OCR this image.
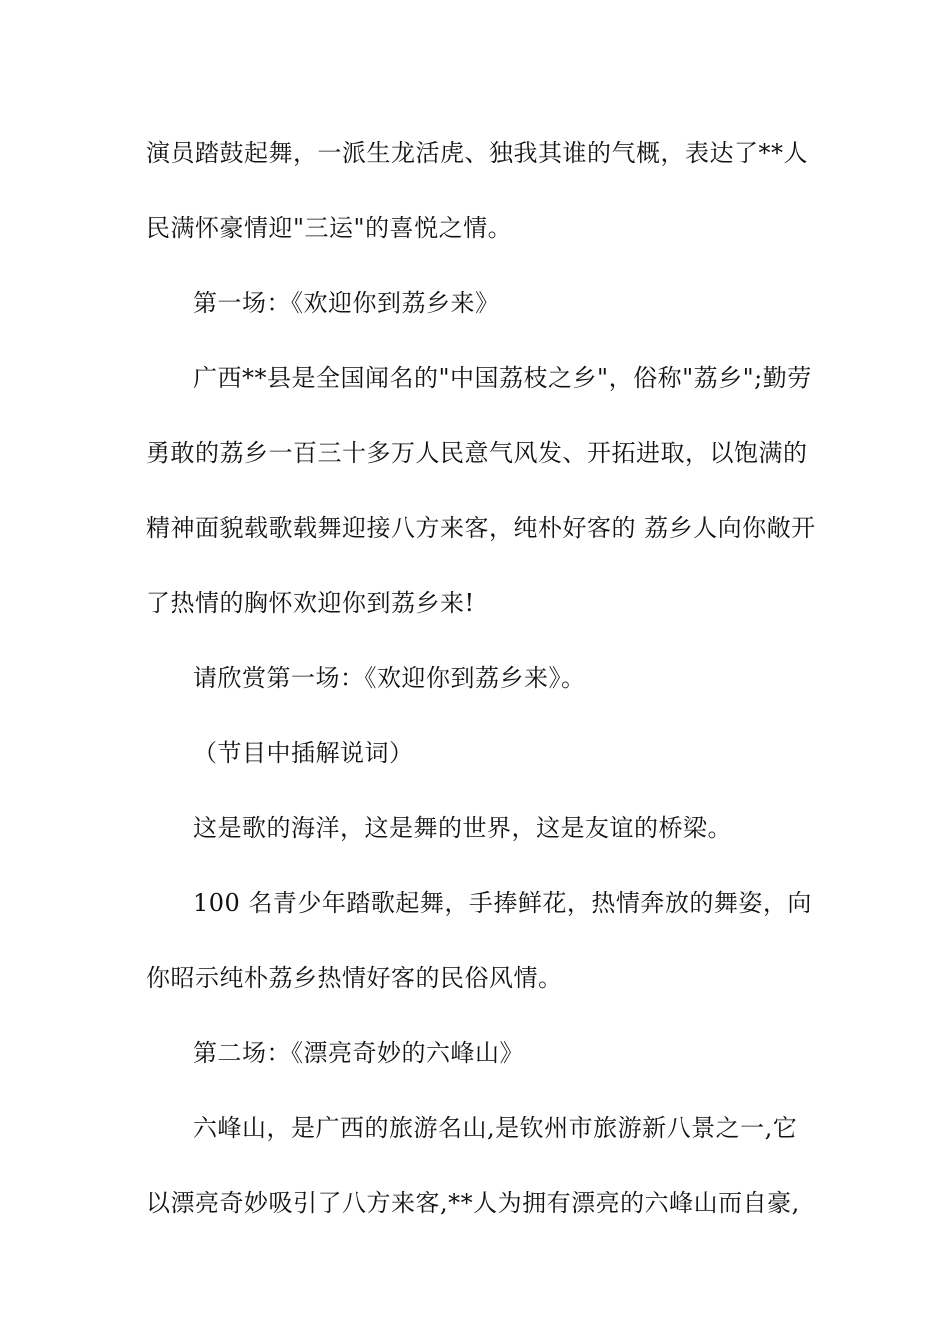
演员踏鼓起舞，一派生龙活虎、独我其谁的气概，表达了**人
民满怀豪情迎"三运"的喜悦之情。
第一场：《欢迎你到荔乡来》
广西**县是全国闻名的"中国荔枝之乡"，俗称"荔乡";勤劳
勇敢的荔乡一百三十多万人民意气风发、开拓进取，以饱满的
精神面貌载歌载舞迎接八方来客，纯朴好客的 荔乡人向你敞开
了热情的胸怀欢迎你到荔乡来!
请欣赏第一场：《欢迎你到荔乡来》。
（节目中插解说词）
这是歌的海洋，这是舞的世界，这是友谊的桥梁。
100 名青少年踏歌起舞，手捧鲜花，热情奔放的舞姿，向
你昭示纯朴荔乡热情好客的民俗风情。
第二场：《漂亮奇妙的六峰山》
六峰山，是广西的旅游名山,是钦州市旅游新八景之一,它
以漂亮奇妙吸引了八方来客,**人为拥有漂亮的六峰山而自豪,
